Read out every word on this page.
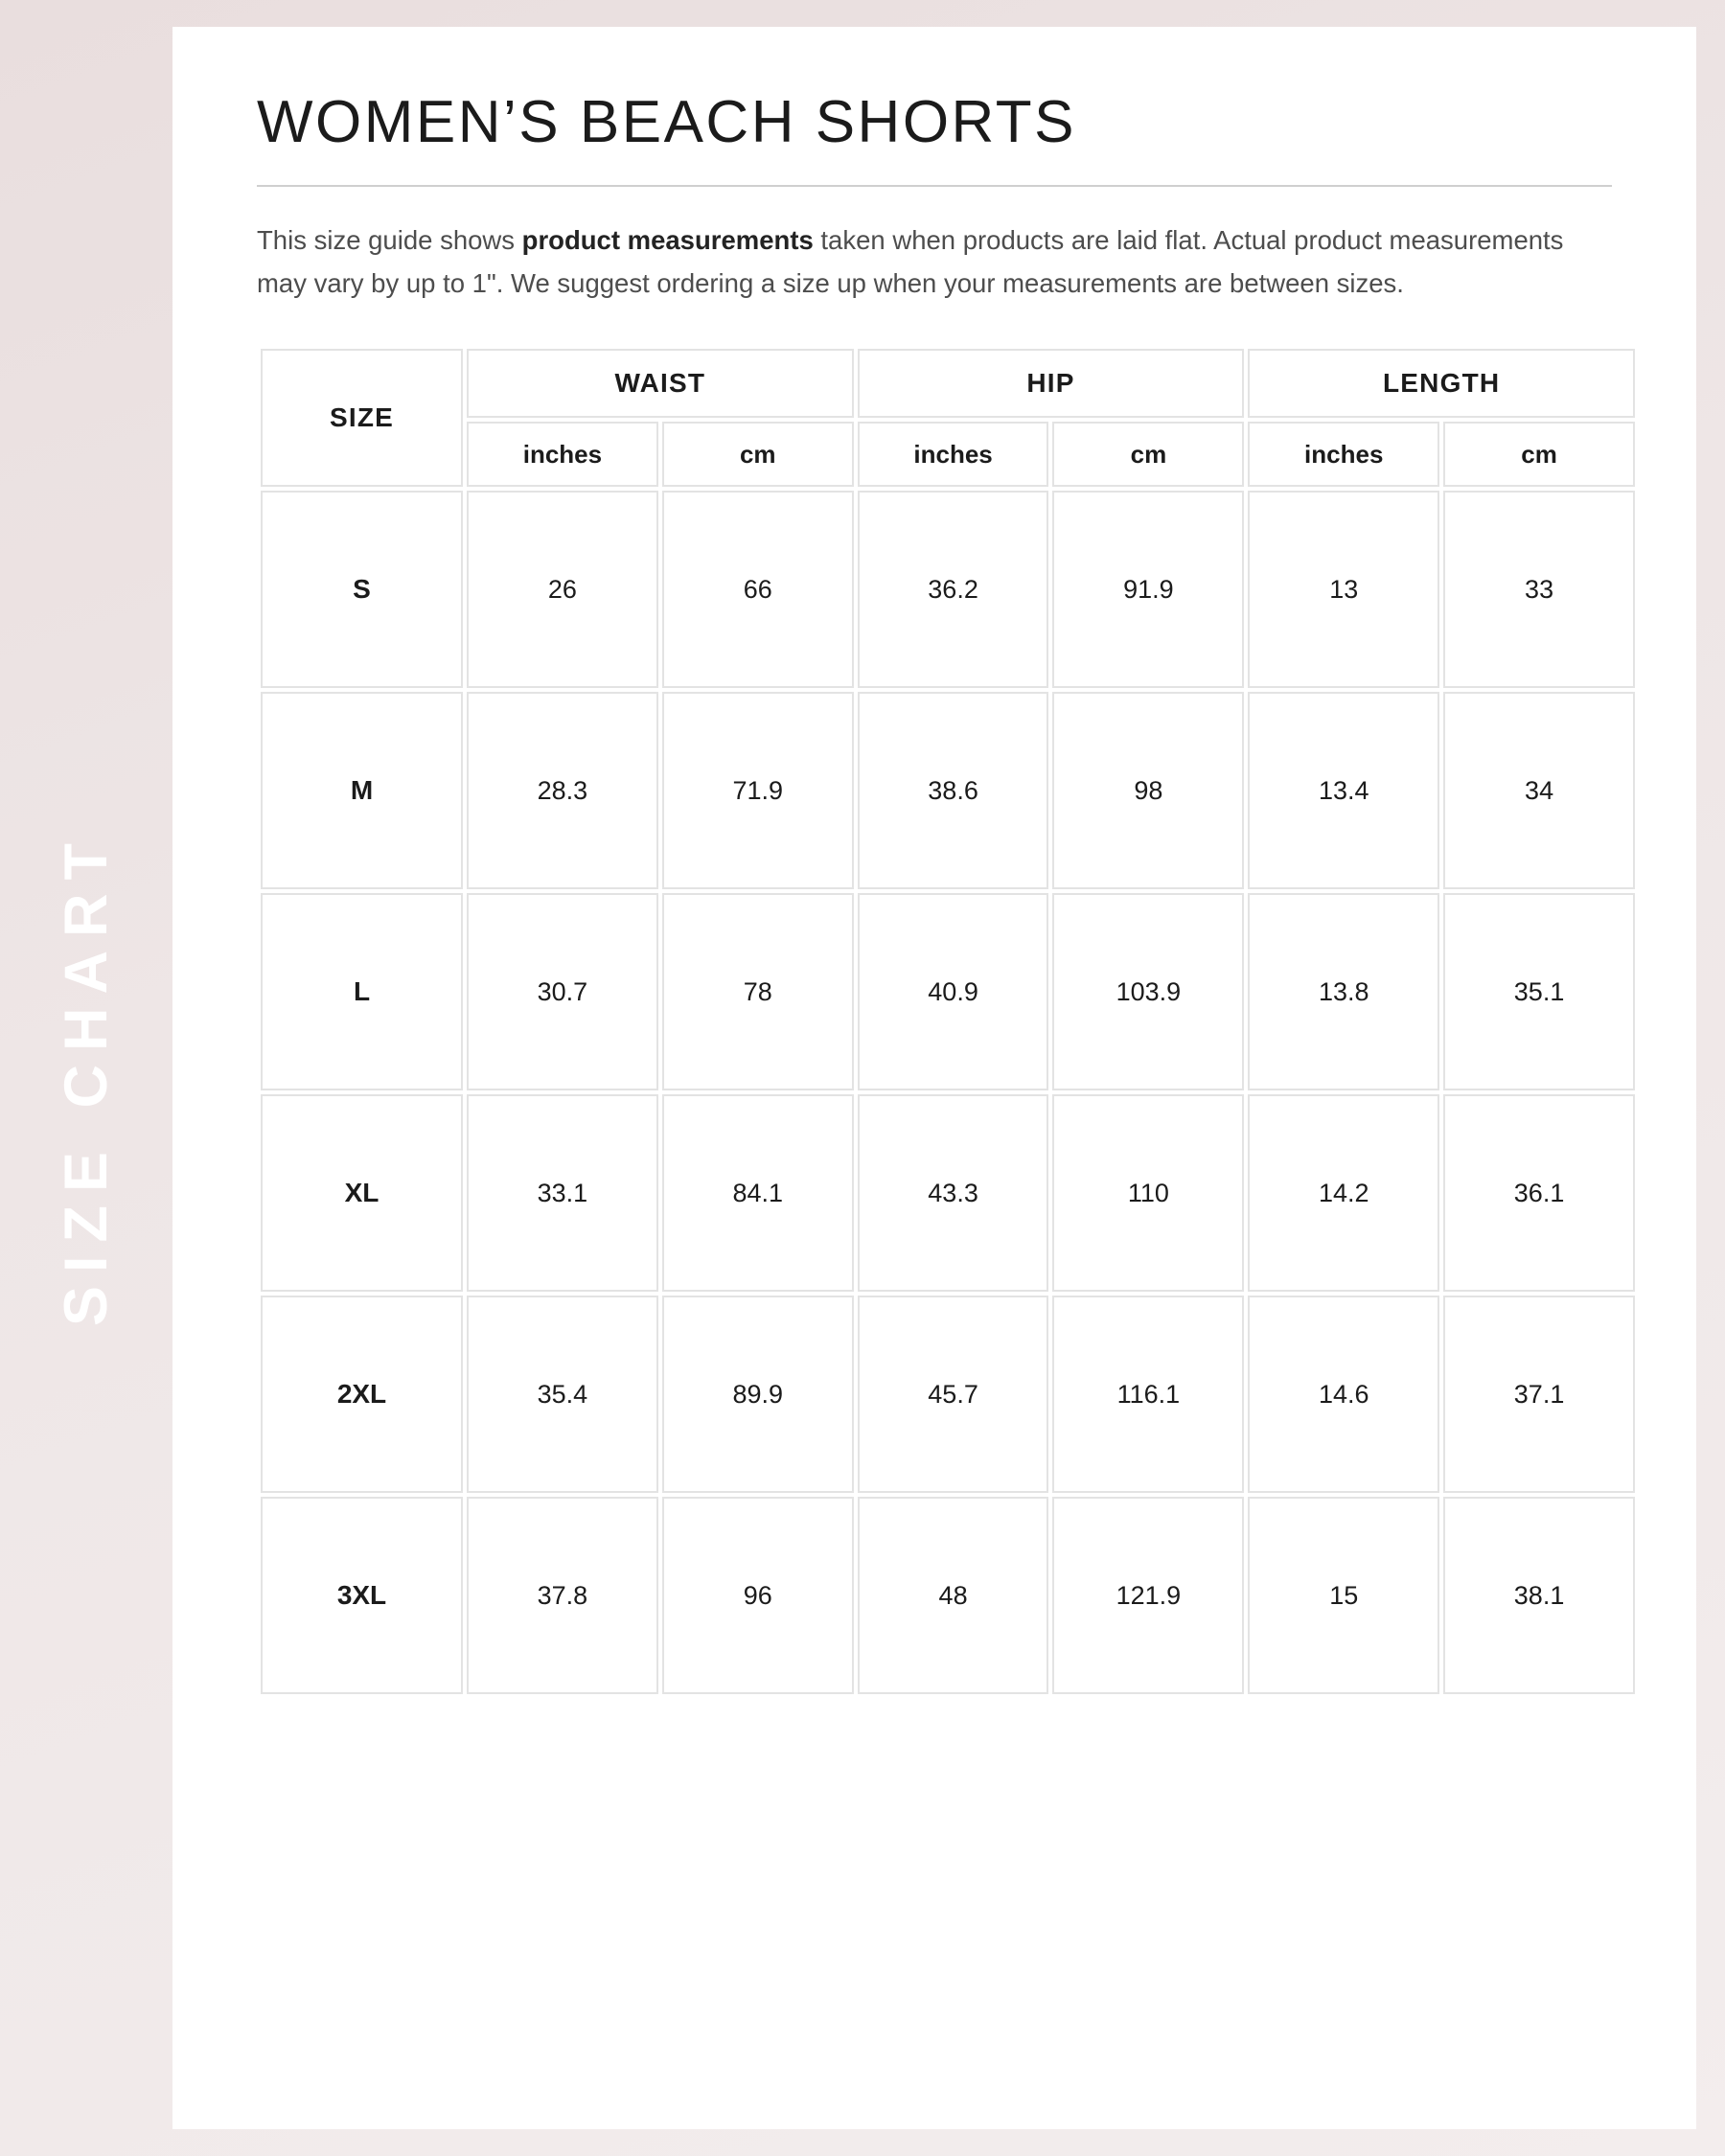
SIZE CHART
WOMEN’S BEACH SHORTS

This size guide shows product measurements taken when products are laid flat. Actual product measurements may vary by up to 1". We suggest ordering a size up when your measurements are between sizes.

SIZE	WAIST		HIP		LENGTH	
	inches	cm	inches	cm	inches	cm
S	26	66	36.2	91.9	13	33
M	28.3	71.9	38.6	98	13.4	34
L	30.7	78	40.9	103.9	13.8	35.1
XL	33.1	84.1	43.3	110	14.2	36.1
2XL	35.4	89.9	45.7	116.1	14.6	37.1
3XL	37.8	96	48	121.9	15	38.1
